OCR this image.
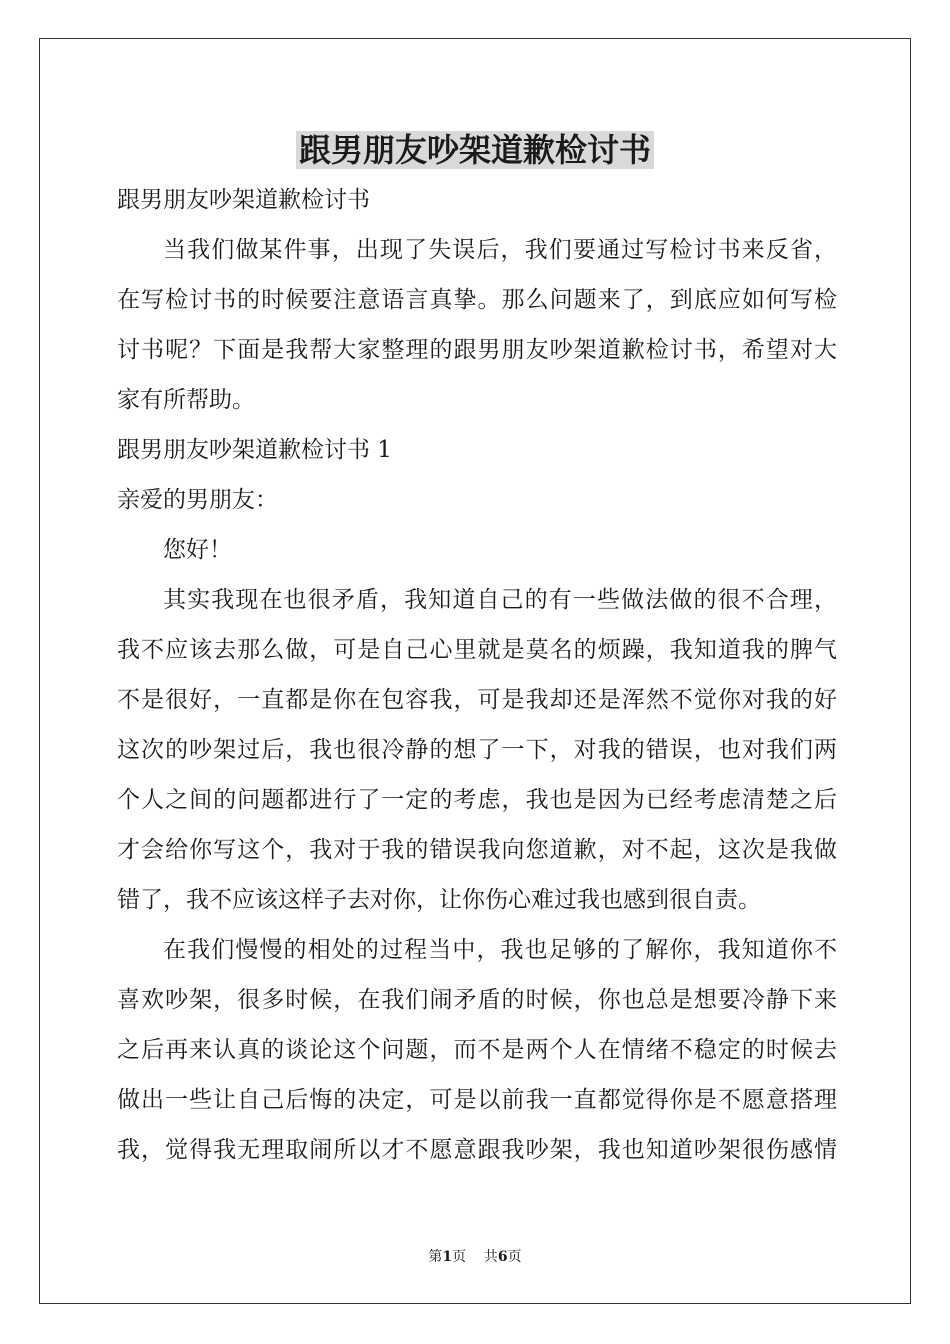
跟男朋友吵架道歉检讨书

跟男朋友吵架道歉检讨书

当我们做某件事，出现了失误后，我们要通过写检讨书来反省，

在写检讨书的时候要注意语言真挚。那么问题来了，到底应如何写检

讨书呢？下面是我帮大家整理的跟男朋友吵架道歉检讨书，希望对大

家有所帮助。

跟男朋友吵架道歉检讨书 1

亲爱的男朋友：

您好！

其实我现在也很矛盾，我知道自己的有一些做法做的很不合理，

我不应该去那么做，可是自己心里就是莫名的烦躁，我知道我的脾气

不是很好，一直都是你在包容我，可是我却还是浑然不觉你对我的好

这次的吵架过后，我也很冷静的想了一下，对我的错误，也对我们两

个人之间的问题都进行了一定的考虑，我也是因为已经考虑清楚之后

才会给你写这个，我对于我的错误我向您道歉，对不起，这次是我做

错了，我不应该这样子去对你，让你伤心难过我也感到很自责。

在我们慢慢的相处的过程当中，我也足够的了解你，我知道你不

喜欢吵架，很多时候，在我们闹矛盾的时候，你也总是想要冷静下来

之后再来认真的谈论这个问题，而不是两个人在情绪不稳定的时候去

做出一些让自己后悔的决定，可是以前我一直都觉得你是不愿意搭理

我，觉得我无理取闹所以才不愿意跟我吵架，我也知道吵架很伤感情

第1页    共6页
